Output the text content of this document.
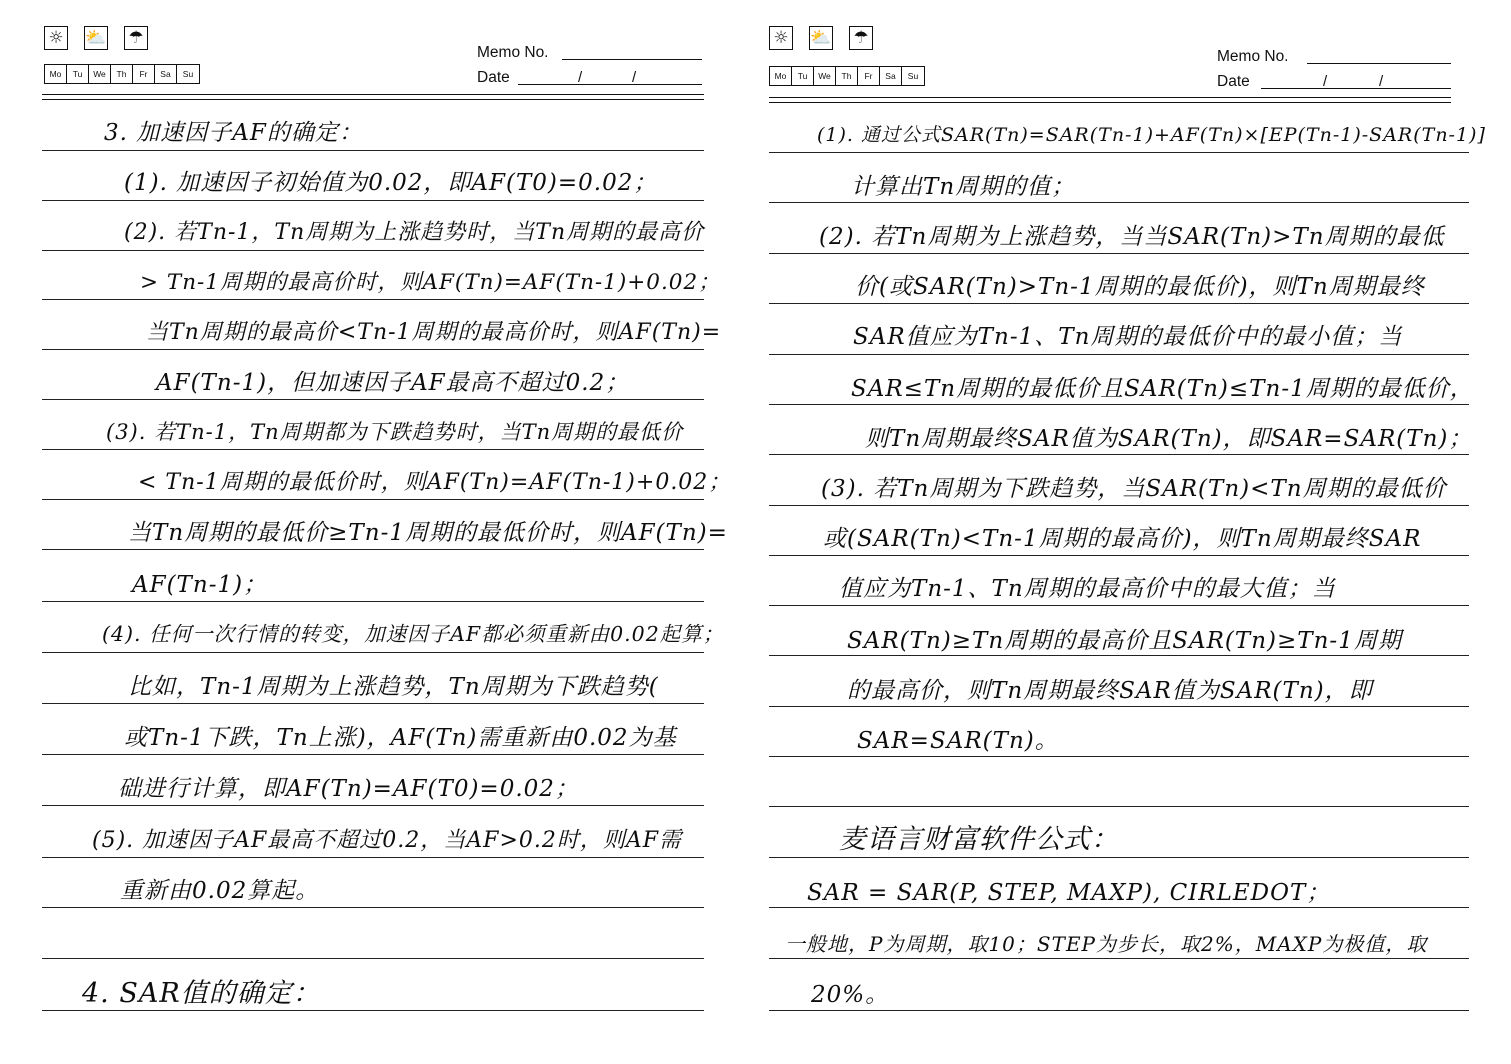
☼ ⛅ ☂
Mo	Tu	We	Th	Fr	Sa	Su
Memo No.
Date	/	/
3. 加速因子AF的确定：
(1). 加速因子初始值为0.02，即AF(T0)=0.02；
(2). 若Tn-1，Tn周期为上涨趋势时，当Tn周期的最高价
> Tn-1周期的最高价时，则AF(Tn)=AF(Tn-1)+0.02；
当Tn周期的最高价<Tn-1周期的最高价时，则AF(Tn)=
AF(Tn-1)，但加速因子AF最高不超过0.2；
(3). 若Tn-1，Tn周期都为下跌趋势时，当Tn周期的最低价
< Tn-1周期的最低价时，则AF(Tn)=AF(Tn-1)+0.02；
当Tn周期的最低价≥Tn-1周期的最低价时，则AF(Tn)=
AF(Tn-1)；
(4). 任何一次行情的转变，加速因子AF都必须重新由0.02起算；
比如，Tn-1周期为上涨趋势，Tn周期为下跌趋势(
或Tn-1下跌，Tn上涨)，AF(Tn)需重新由0.02为基
础进行计算，即AF(Tn)=AF(T0)=0.02；
(5). 加速因子AF最高不超过0.2，当AF>0.2时，则AF需
重新由0.02算起。
4. SAR值的确定：
☼ ⛅ ☂
Mo	Tu	We	Th	Fr	Sa	Su
Memo No.
Date	/	/
(1). 通过公式SAR(Tn)=SAR(Tn-1)+AF(Tn)×[EP(Tn-1)-SAR(Tn-1)]
计算出Tn周期的值；
(2). 若Tn周期为上涨趋势，当当SAR(Tn)>Tn周期的最低
价(或SAR(Tn)>Tn-1周期的最低价)，则Tn周期最终
SAR值应为Tn-1、Tn周期的最低价中的最小值；当
SAR≤Tn周期的最低价且SAR(Tn)≤Tn-1周期的最低价，
则Tn周期最终SAR值为SAR(Tn)，即SAR=SAR(Tn)；
(3). 若Tn周期为下跌趋势，当SAR(Tn)<Tn周期的最低价
或(SAR(Tn)<Tn-1周期的最高价)，则Tn周期最终SAR
值应为Tn-1、Tn周期的最高价中的最大值；当
SAR(Tn)≥Tn周期的最高价且SAR(Tn)≥Tn-1周期
的最高价，则Tn周期最终SAR值为SAR(Tn)，即
SAR=SAR(Tn)。
麦语言财富软件公式：
SAR = SAR(P, STEP, MAXP), CIRLEDOT；
一般地，P为周期，取10；STEP为步长，取2%，MAXP为极值，取
20%。
